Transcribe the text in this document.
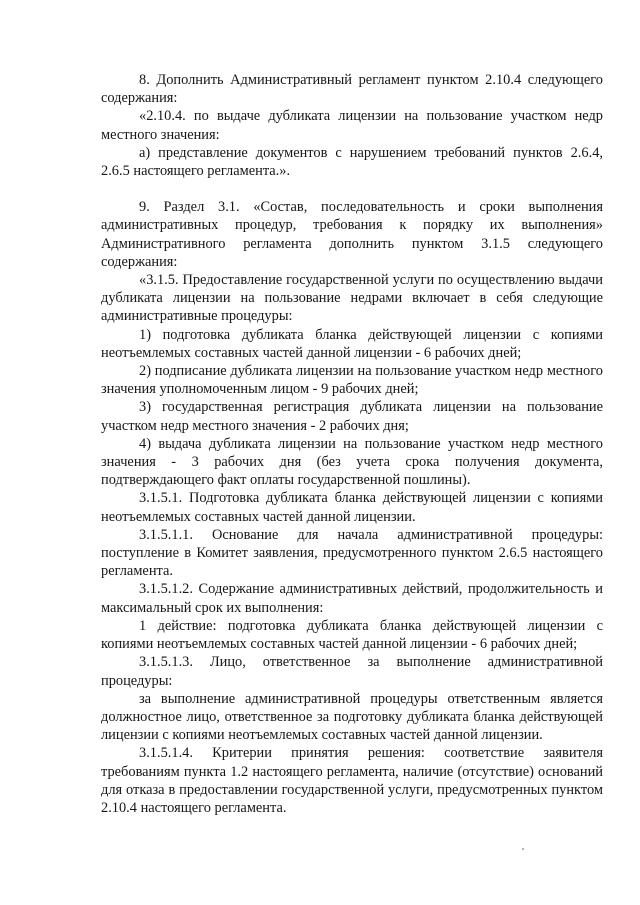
8. Дополнить Административный регламент пунктом 2.10.4 следующего содержания:

«2.10.4. по выдаче дубликата лицензии на пользование участком недр местного значения:

а) представление документов с нарушением требований пунктов 2.6.4, 2.6.5 настоящего регламента.».

9. Раздел 3.1. «Состав, последовательность и сроки выполнения административных процедур, требования к порядку их выполнения» Административного регламента дополнить пунктом 3.1.5 следующего содержания:

«3.1.5. Предоставление государственной услуги по осуществлению выдачи дубликата лицензии на пользование недрами включает в себя следующие административные процедуры:

1) подготовка дубликата бланка действующей лицензии с копиями неотъемлемых составных частей данной лицензии - 6 рабочих дней;

2) подписание дубликата лицензии на пользование участком недр местного значения уполномоченным лицом - 9 рабочих дней;

3) государственная регистрация дубликата лицензии на пользование участком недр местного значения - 2 рабочих дня;

4) выдача дубликата лицензии на пользование участком недр местного значения - 3 рабочих дня (без учета срока получения документа, подтверждающего факт оплаты государственной пошлины).

3.1.5.1. Подготовка дубликата бланка действующей лицензии с копиями неотъемлемых составных частей данной лицензии.

3.1.5.1.1. Основание для начала административной процедуры: поступление в Комитет заявления, предусмотренного пунктом 2.6.5 настоящего регламента.

3.1.5.1.2. Содержание административных действий, продолжительность и максимальный срок их выполнения:

1 действие: подготовка дубликата бланка действующей лицензии с копиями неотъемлемых составных частей данной лицензии - 6 рабочих дней;

3.1.5.1.3. Лицо, ответственное за выполнение административной процедуры:

за выполнение административной процедуры ответственным является должностное лицо, ответственное за подготовку дубликата бланка действующей лицензии с копиями неотъемлемых составных частей данной лицензии.

3.1.5.1.4. Критерии принятия решения: соответствие заявителя требованиям пункта 1.2 настоящего регламента, наличие (отсутствие) оснований для отказа в предоставлении государственной услуги, предусмотренных пунктом 2.10.4 настоящего регламента.
